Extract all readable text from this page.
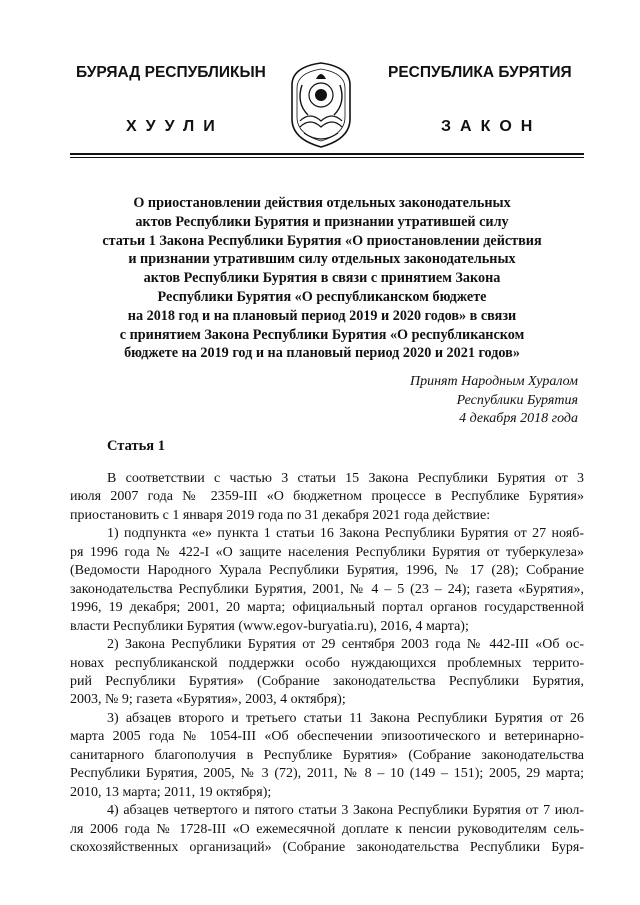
БУРЯАД РЕСПУБЛИКЫН	РЕСПУБЛИКА БУРЯТИЯ
ХУУЛИ	ЗАКОН
О приостановлении действия отдельных законодательных
актов Республики Бурятия и признании утратившей силу
статьи 1 Закона Республики Бурятия «О приостановлении действия
и признании утратившим силу отдельных законодательных
актов Республики Бурятия в связи с принятием Закона
Республики Бурятия «О республиканском бюджете
на 2018 год и на плановый период 2019 и 2020 годов» в связи
с принятием Закона Республики Бурятия «О республиканском
бюджете на 2019 год и на плановый период 2020 и 2021 годов»
Принят Народным Хуралом
Республики Бурятия
4 декабря 2018 года
Статья 1
В соответствии с частью 3 статьи 15 Закона Республики Бурятия от 3
июля 2007 года № 2359-III «О бюджетном процессе в Республике Бурятия»
приостановить с 1 января 2019 года по 31 декабря 2021 года действие:
1) подпункта «е» пункта 1 статьи 16 Закона Республики Бурятия от 27 нояб-
ря 1996 года № 422-I «О защите населения Республики Бурятия от туберкулеза»
(Ведомости Народного Хурала Республики Бурятия, 1996, № 17 (28); Собрание
законодательства Республики Бурятия, 2001, № 4 – 5 (23 – 24); газета «Бурятия»,
1996, 19 декабря; 2001, 20 марта; официальный портал органов государственной
власти Республики Бурятия (www.egov-buryatia.ru), 2016, 4 марта);
2) Закона Республики Бурятия от 29 сентября 2003 года № 442-III «Об ос-
новах республиканской поддержки особо нуждающихся проблемных террито-
рий Республики Бурятия» (Собрание законодательства Республики Бурятия,
2003, № 9; газета «Бурятия», 2003, 4 октября);
3) абзацев второго и третьего статьи 11 Закона Республики Бурятия от 26
марта 2005 года № 1054-III «Об обеспечении эпизоотического и ветеринарно-
санитарного благополучия в Республике Бурятия» (Собрание законодательства
Республики Бурятия, 2005, № 3 (72), 2011, № 8 – 10 (149 – 151); 2005, 29 марта;
2010, 13 марта; 2011, 19 октября);
4) абзацев четвертого и пятого статьи 3 Закона Республики Бурятия от 7 июл-
ля 2006 года № 1728-III «О ежемесячной доплате к пенсии руководителям сель-
скохозяйственных организаций» (Собрание законодательства Республики Буря-
